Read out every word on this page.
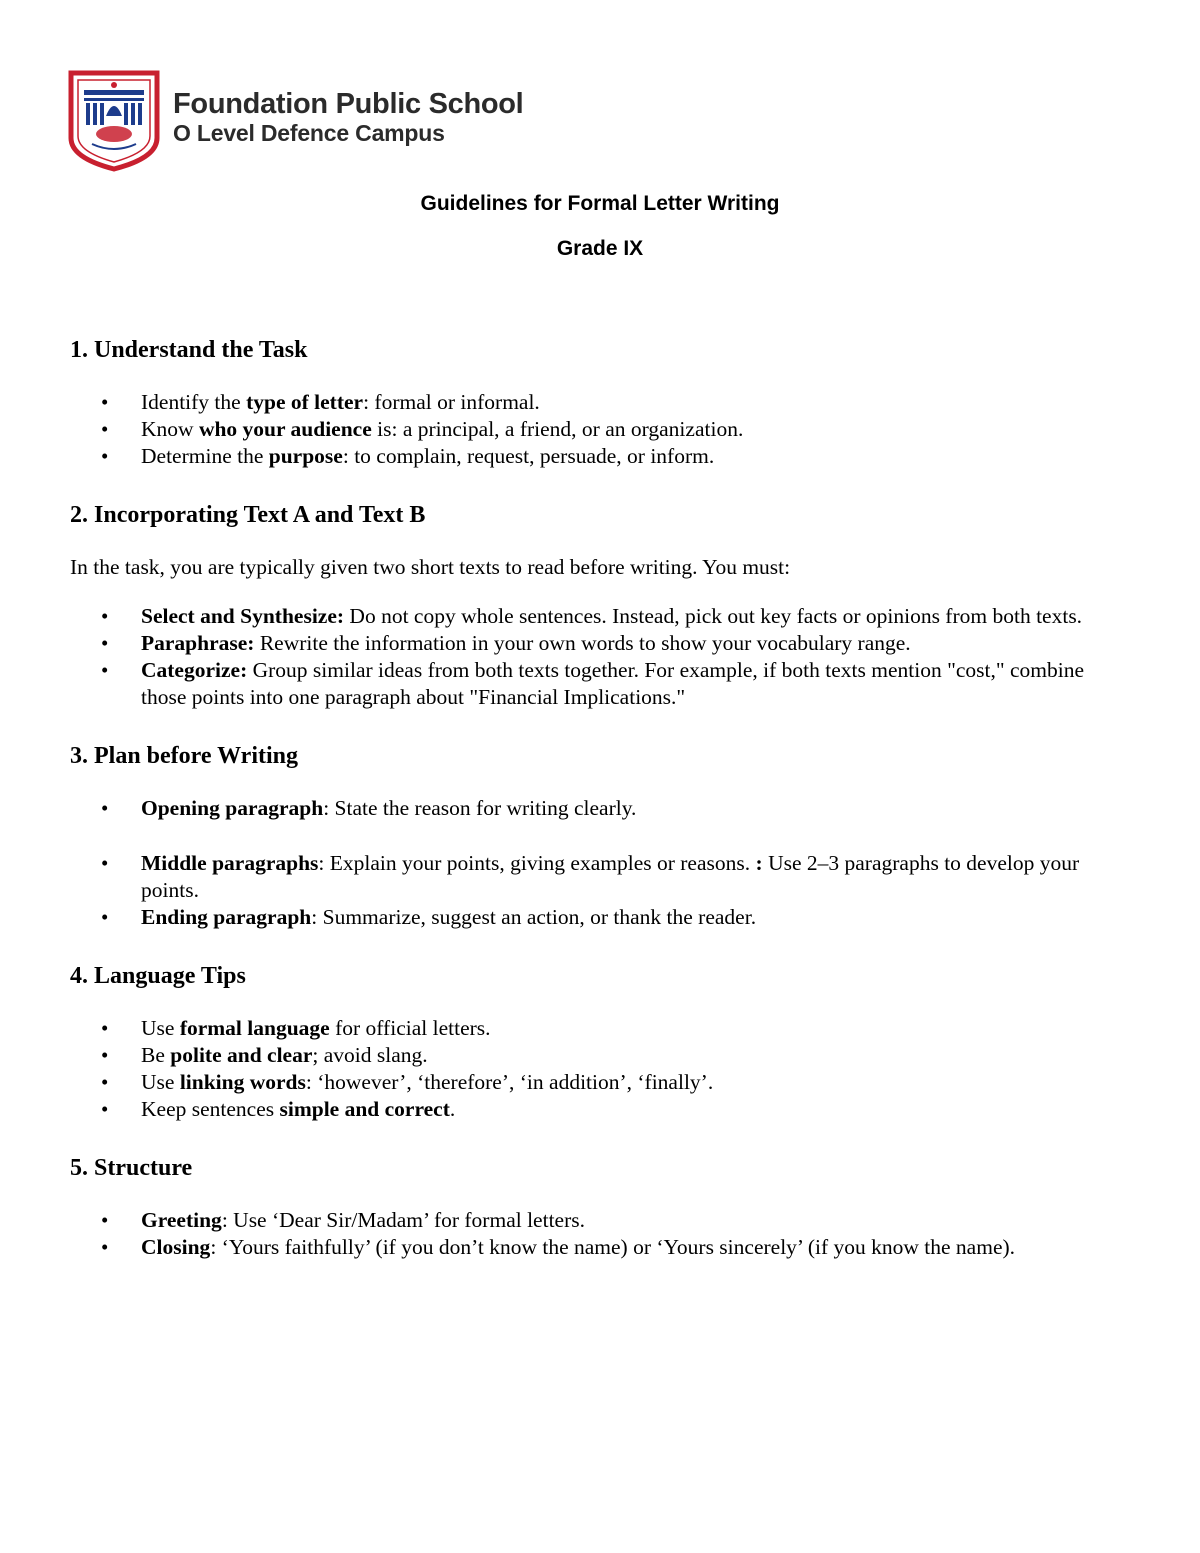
Foundation Public School
O Level Defence Campus
Guidelines for Formal Letter Writing
Grade IX
1. Understand the Task
• Identify the type of letter: formal or informal.
• Know who your audience is: a principal, a friend, or an organization.
• Determine the purpose: to complain, request, persuade, or inform.
2. Incorporating Text A and Text B

In the task, you are typically given two short texts to read before writing. You must:

• Select and Synthesize: Do not copy whole sentences. Instead, pick out key facts or opinions from both texts.
• Paraphrase: Rewrite the information in your own words to show your vocabulary range.
• Categorize: Group similar ideas from both texts together. For example, if both texts mention "cost," combine those points into one paragraph about "Financial Implications."
3. Plan before Writing
• Opening paragraph: State the reason for writing clearly.
• Middle paragraphs: Explain your points, giving examples or reasons. : Use 2–3 paragraphs to develop your points.
• Ending paragraph: Summarize, suggest an action, or thank the reader.
4. Language Tips
• Use formal language for official letters.
• Be polite and clear; avoid slang.
• Use linking words: ‘however’, ‘therefore’, ‘in addition’, ‘finally’.
• Keep sentences simple and correct.
5. Structure
• Greeting: Use ‘Dear Sir/Madam’ for formal letters.
• Closing: ‘Yours faithfully’ (if you don’t know the name) or ‘Yours sincerely’ (if you know the name).
